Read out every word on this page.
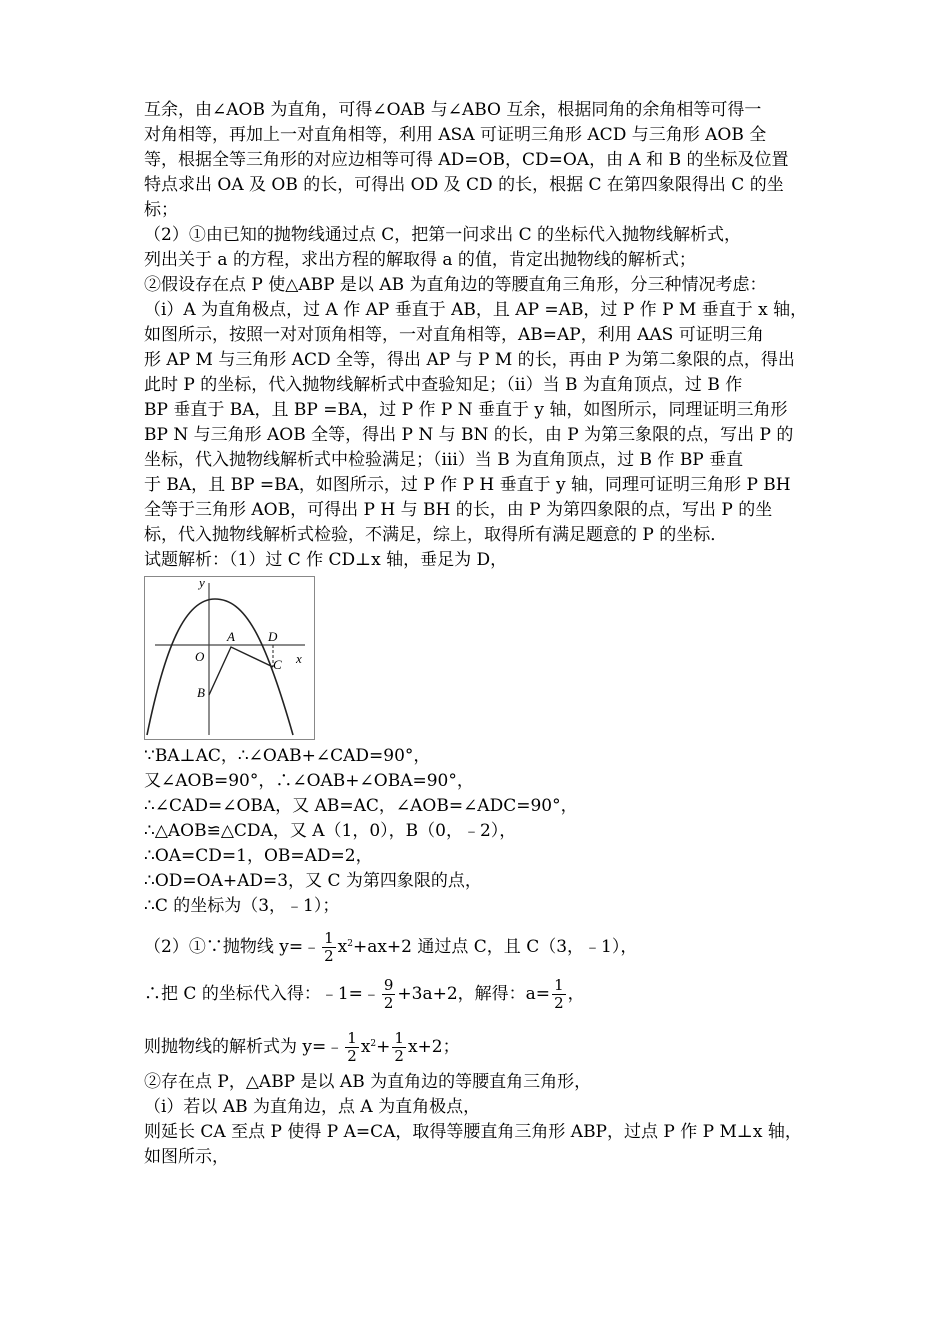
互余，由∠AOB 为直角，可得∠OAB 与∠ABO 互余，根据同角的余角相等可得一
对角相等，再加上一对直角相等，利用 ASA 可证明三角形 ACD 与三角形 AOB 全
等，根据全等三角形的对应边相等可得 AD=OB，CD=OA，由 A 和 B 的坐标及位置
特点求出 OA 及 OB 的长，可得出 OD 及 CD 的长，根据 C 在第四象限得出 C 的坐
标；
（2）①由已知的抛物线通过点 C，把第一问求出 C 的坐标代入抛物线解析式，
列出关于 a 的方程，求出方程的解取得 a 的值，肯定出抛物线的解析式；
②假设存在点 P 使△ABP 是以 AB 为直角边的等腰直角三角形，分三种情况考虑：
（i）A 为直角极点，过 A 作 AP 垂直于 AB，且 AP =AB，过 P 作 P M 垂直于 x 轴，
如图所示，按照一对对顶角相等，一对直角相等，AB=AP，利用 AAS 可证明三角
形 AP M 与三角形 ACD 全等，得出 AP 与 P M 的长，再由 P 为第二象限的点，得出
此时 P 的坐标，代入抛物线解析式中查验知足；（ii）当 B 为直角顶点，过 B 作
BP 垂直于 BA，且 BP =BA，过 P 作 P N 垂直于 y 轴，如图所示，同理证明三角形
BP N 与三角形 AOB 全等，得出 P N 与 BN 的长，由 P 为第三象限的点，写出 P 的
坐标，代入抛物线解析式中检验满足；（iii）当 B 为直角顶点，过 B 作 BP 垂直
于 BA，且 BP =BA，如图所示，过 P 作 P H 垂直于 y 轴，同理可证明三角形 P BH
全等于三角形 AOB，可得出 P H 与 BH 的长，由 P 为第四象限的点，写出 P 的坐
标，代入抛物线解析式检验，不满足，综上，取得所有满足题意的 P 的坐标．
试题解析：（1）过 C 作 CD⊥x 轴，垂足为 D，
y
x
O
A	D
C
B
∵BA⊥AC，∴∠OAB+∠CAD=90°，
又∠AOB=90°，∴∠OAB+∠OBA=90°，
∴∠CAD=∠OBA，又 AB=AC，∠AOB=∠ADC=90°，
∴△AOB≌△CDA，又 A（1，0），B（0，﹣2），
∴OA=CD=1，OB=AD=2，
∴OD=OA+AD=3，又 C 为第四象限的点，
∴C 的坐标为（3，﹣1）；
（2）①∵抛物线 y=﹣ $\frac{1}{2} x^2+ax+2$ 通过点 C，且 C（3，﹣1），
∴把 C 的坐标代入得：﹣1=﹣ $\frac{9}{2} +3a+2$，解得：$a= \frac{1}{2}$ ，
则抛物线的解析式为 y=﹣ $\frac{1}{2} x^2+ \frac{1}{2} x+2$；
②存在点 P，△ABP 是以 AB 为直角边的等腰直角三角形，
（i）若以 AB 为直角边，点 A 为直角极点，
则延长 CA 至点 P 使得 P A=CA，取得等腰直角三角形 ABP，过点 P 作 P M⊥x 轴，
如图所示，
